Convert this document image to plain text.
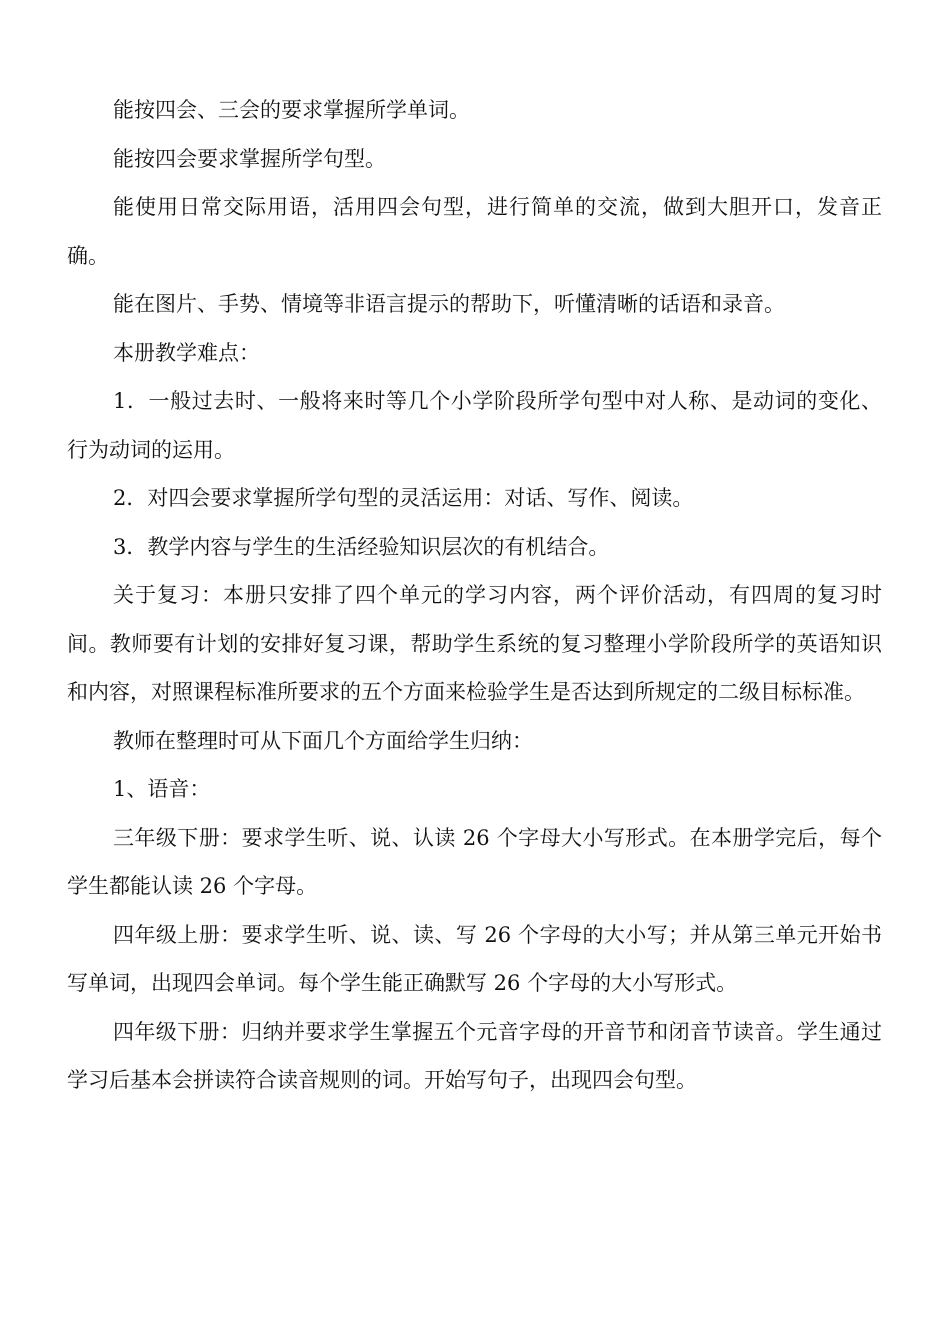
能按四会、三会的要求掌握所学单词。

能按四会要求掌握所学句型。

能使用日常交际用语，活用四会句型，进行简单的交流，做到大胆开口，发音正确。

能在图片、手势、情境等非语言提示的帮助下，听懂清晰的话语和录音。

本册教学难点：

1．一般过去时、一般将来时等几个小学阶段所学句型中对人称、是动词的变化、行为动词的运用。

2．对四会要求掌握所学句型的灵活运用：对话、写作、阅读。

3．教学内容与学生的生活经验知识层次的有机结合。

关于复习：本册只安排了四个单元的学习内容，两个评价活动，有四周的复习时间。教师要有计划的安排好复习课，帮助学生系统的复习整理小学阶段所学的英语知识和内容，对照课程标准所要求的五个方面来检验学生是否达到所规定的二级目标标准。

教师在整理时可从下面几个方面给学生归纳：

1、语音：

三年级下册：要求学生听、说、认读 26 个字母大小写形式。在本册学完后，每个学生都能认读 26 个字母。

四年级上册：要求学生听、说、读、写 26 个字母的大小写；并从第三单元开始书写单词，出现四会单词。每个学生能正确默写 26 个字母的大小写形式。

四年级下册：归纳并要求学生掌握五个元音字母的开音节和闭音节读音。学生通过学习后基本会拼读符合读音规则的词。开始写句子，出现四会句型。
